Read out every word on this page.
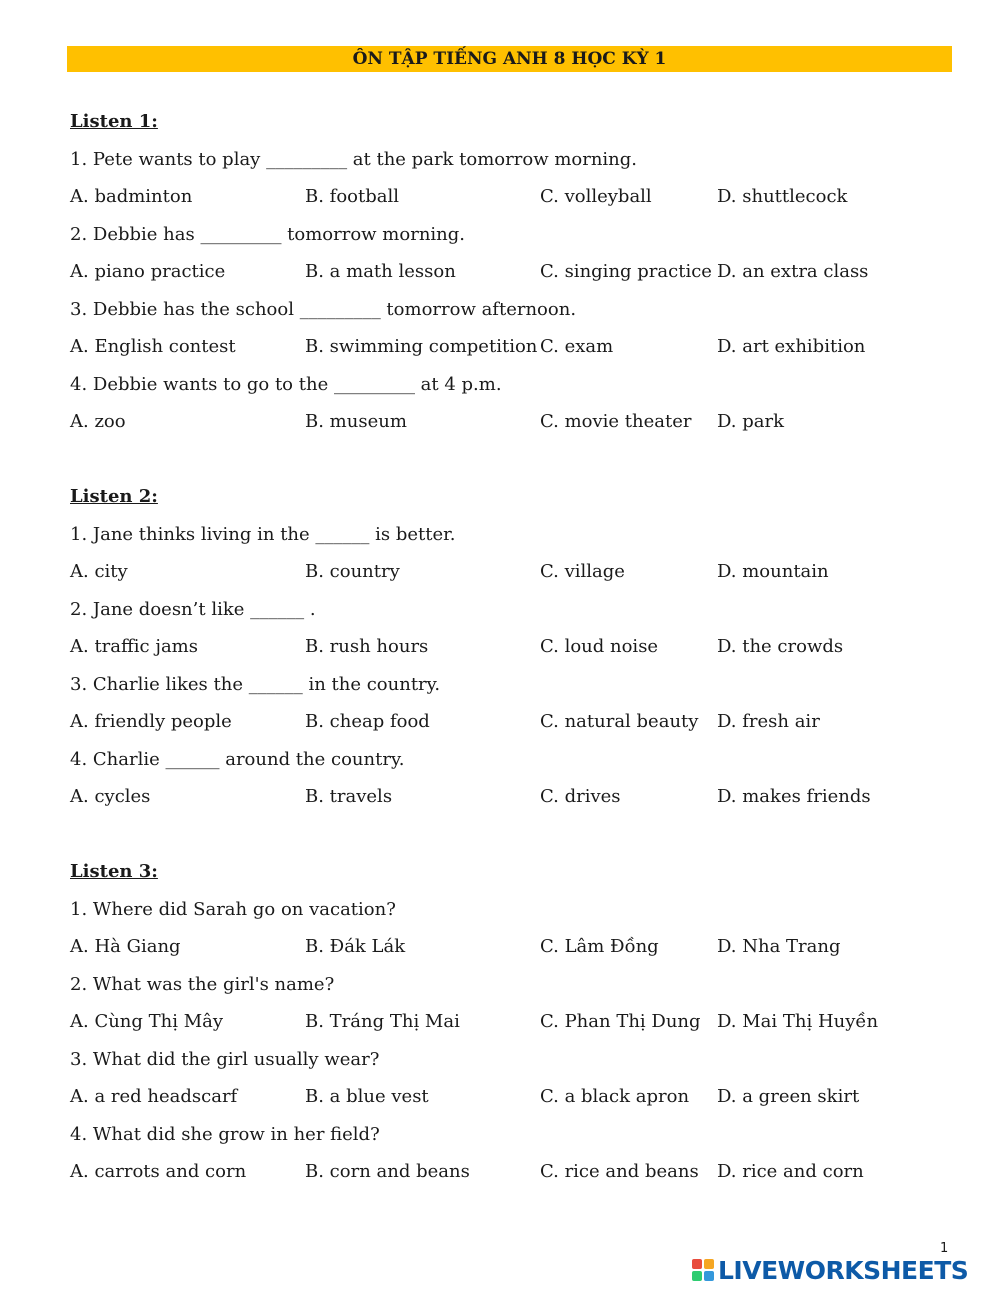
ÔN TẬP TIẾNG ANH 8 HỌC KỲ 1
Listen 1:
1. Pete wants to play _________ at the park tomorrow morning.
A. badminton	B. football	C. volleyball	D. shuttlecock
2. Debbie has _________ tomorrow morning.
A. piano practice	B. a math lesson	C. singing practice D. an extra class
3. Debbie has the school _________ tomorrow afternoon.
A. English contest	B. swimming competition C. exam	D. art exhibition
4. Debbie wants to go to the _________ at 4 p.m.
A. zoo	B. museum	C. movie theater D. park
Listen 2:
1. Jane thinks living in the ______ is better.
A. city	B. country	C. village	D. mountain
2. Jane doesn’t like ______ .
A. traffic jams	B. rush hours	C. loud noise	D. the crowds
3. Charlie likes the ______ in the country.
A. friendly people	B. cheap food	C. natural beauty D. fresh air
4. Charlie ______ around the country.
A. cycles	B. travels	C. drives	D. makes friends
Listen 3:
1. Where did Sarah go on vacation?
A. Hà Giang	B. Đák Lák	C. Lâm Đồng	D. Nha Trang
2. What was the girl's name?
A. Cùng Thị Mây	B. Tráng Thị Mai	C. Phan Thị Dung D. Mai Thị Huyền
3. What did the girl usually wear?
A. a red headscarf	B. a blue vest	C. a black apron D. a green skirt
4. What did she grow in her field?
A. carrots and corn	B. corn and beans	C. rice and beans D. rice and corn
1
LIVEWORKSHEETS
